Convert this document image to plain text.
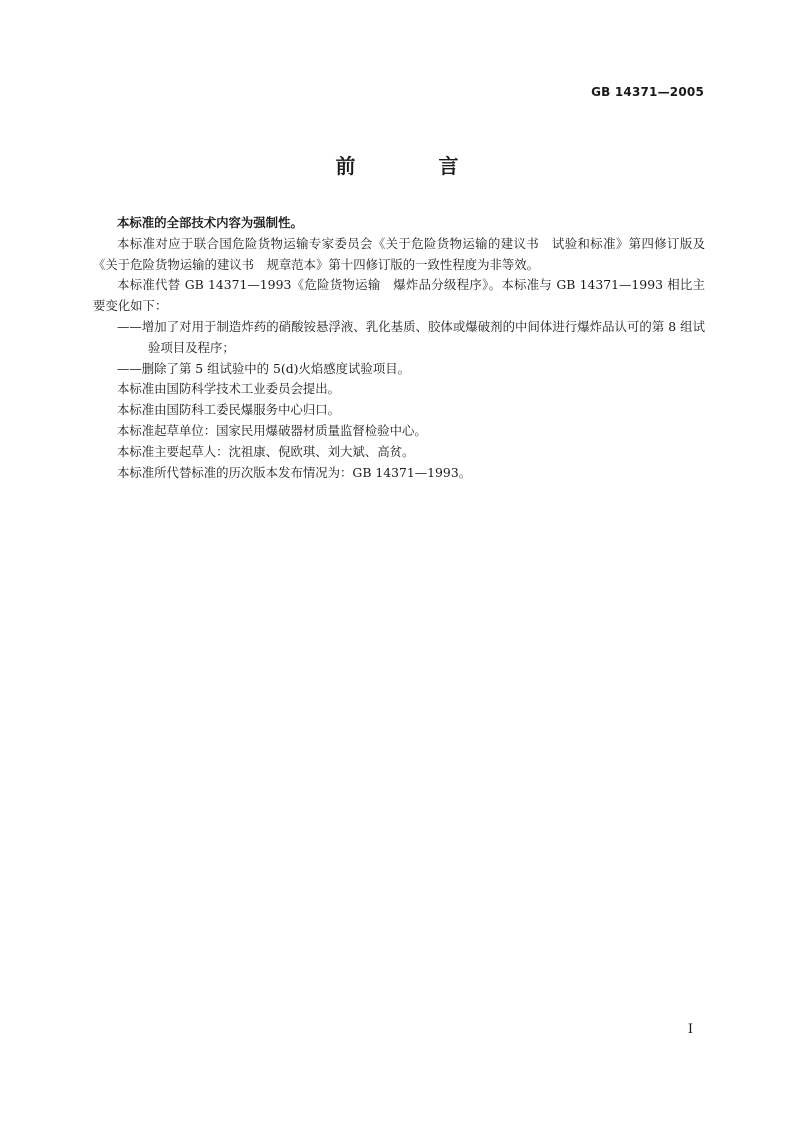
GB 14371—2005
前 言

本标准的全部技术内容为强制性。

本标准对应于联合国危险货物运输专家委员会《关于危险货物运输的建议书　试验和标准》第四修订版及《关于危险货物运输的建议书　规章范本》第十四修订版的一致性程度为非等效。

本标准代替 GB 14371—1993《危险货物运输　爆炸品分级程序》。本标准与 GB 14371—1993 相比主要变化如下：

——增加了对用于制造炸药的硝酸铵悬浮液、乳化基质、胶体或爆破剂的中间体进行爆炸品认可的第 8 组试验项目及程序；

——删除了第 5 组试验中的 5(d)火焰感度试验项目。

本标准由国防科学技术工业委员会提出。

本标准由国防科工委民爆服务中心归口。

本标准起草单位：国家民用爆破器材质量监督检验中心。

本标准主要起草人：沈祖康、倪欧琪、刘大斌、高贫。

本标准所代替标准的历次版本发布情况为：GB 14371—1993。

I
